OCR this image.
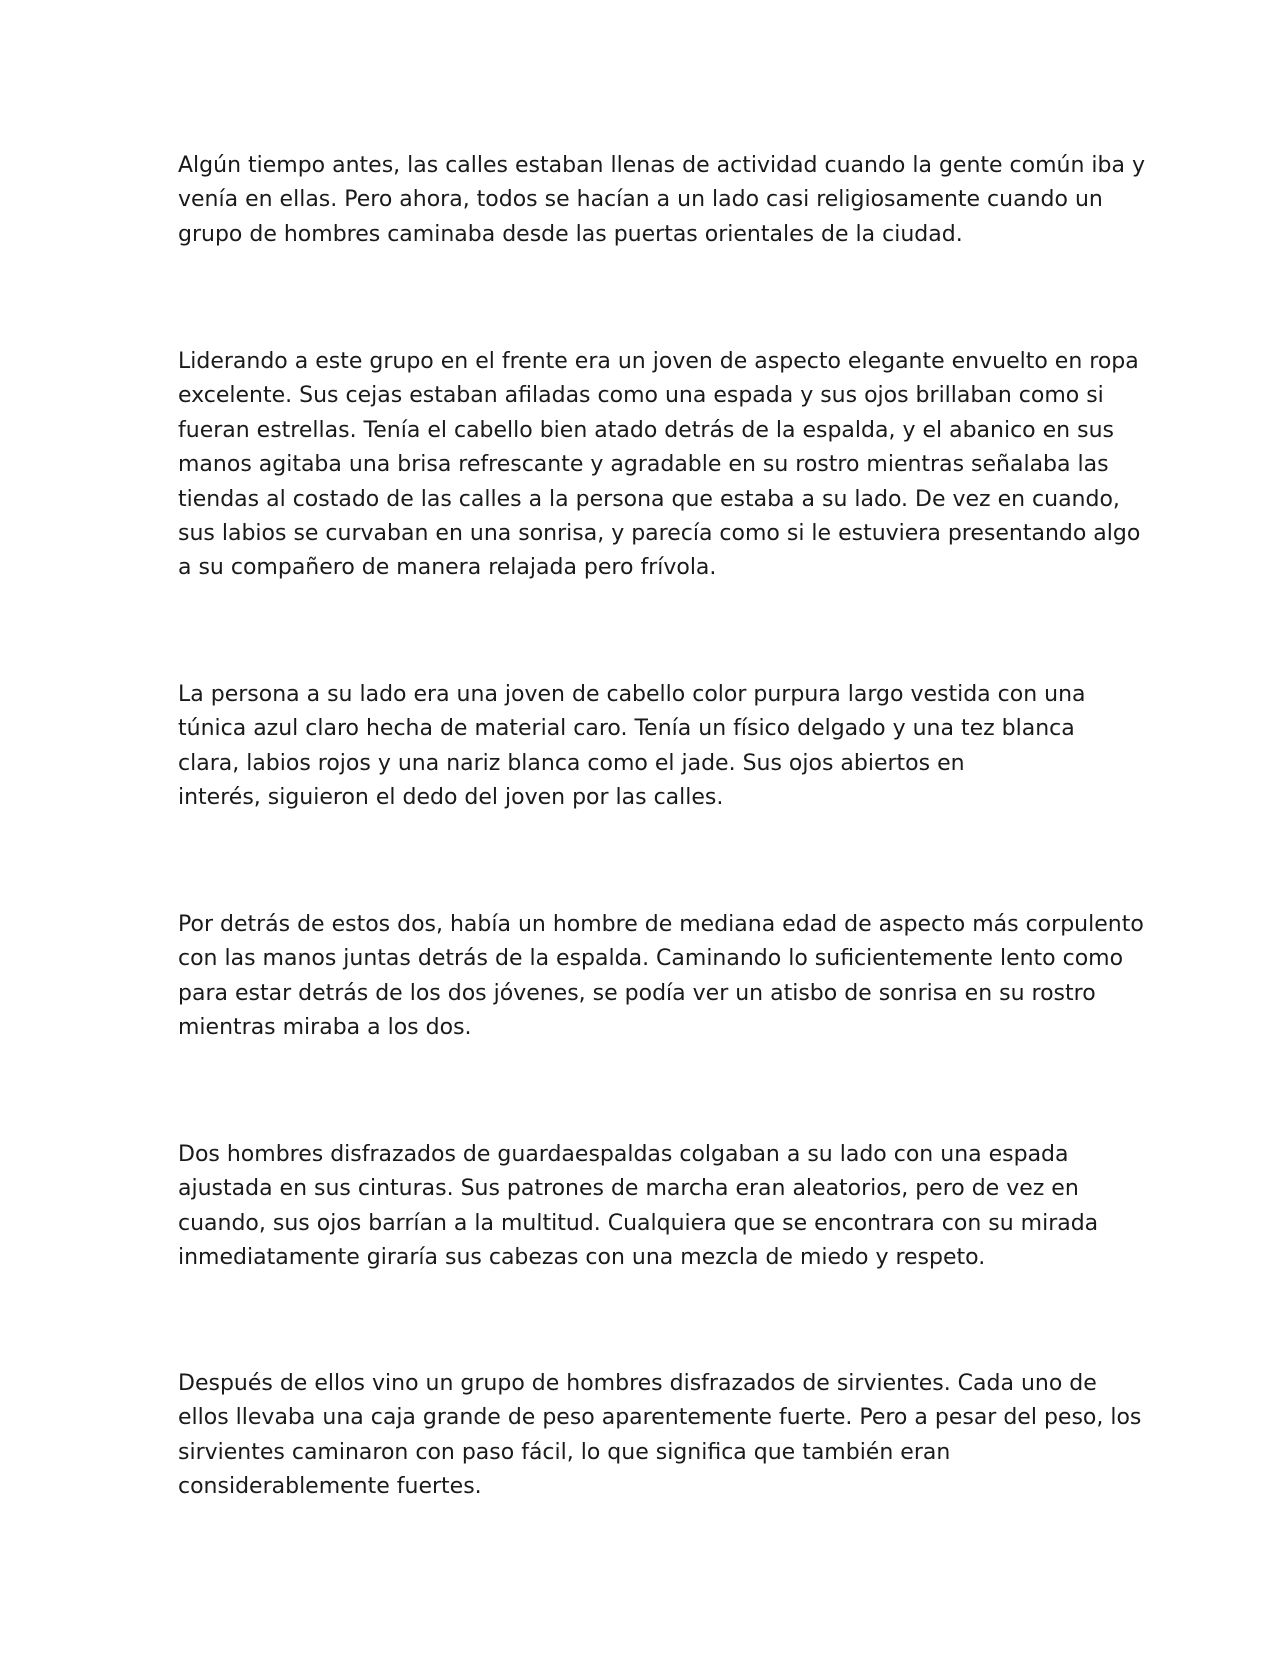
Algún tiempo antes, las calles estaban llenas de actividad cuando la gente común iba y
venía en ellas. Pero ahora, todos se hacían a un lado casi religiosamente cuando un
grupo de hombres caminaba desde las puertas orientales de la ciudad.

Liderando a este grupo en el frente era un joven de aspecto elegante envuelto en ropa
excelente. Sus cejas estaban afiladas como una espada y sus ojos brillaban como si
fueran estrellas. Tenía el cabello bien atado detrás de la espalda, y el abanico en sus
manos agitaba una brisa refrescante y agradable en su rostro mientras señalaba las
tiendas al costado de las calles a la persona que estaba a su lado. De vez en cuando,
sus labios se curvaban en una sonrisa, y parecía como si le estuviera presentando algo
a su compañero de manera relajada pero frívola.

La persona a su lado era una joven de cabello color purpura largo vestida con una
túnica azul claro hecha de material caro. Tenía un físico delgado y una tez blanca
clara, labios rojos y una nariz blanca como el jade. Sus ojos abiertos en
interés, siguieron el dedo del joven por las calles.

Por detrás de estos dos, había un hombre de mediana edad de aspecto más corpulento
con las manos juntas detrás de la espalda. Caminando lo suficientemente lento como
para estar detrás de los dos jóvenes, se podía ver un atisbo de sonrisa en su rostro
mientras miraba a los dos.

Dos hombres disfrazados de guardaespaldas colgaban a su lado con una espada
ajustada en sus cinturas. Sus patrones de marcha eran aleatorios, pero de vez en
cuando, sus ojos barrían a la multitud. Cualquiera que se encontrara con su mirada
inmediatamente giraría sus cabezas con una mezcla de miedo y respeto.

Después de ellos vino un grupo de hombres disfrazados de sirvientes. Cada uno de
ellos llevaba una caja grande de peso aparentemente fuerte. Pero a pesar del peso, los
sirvientes caminaron con paso fácil, lo que significa que también eran
considerablemente fuertes.
